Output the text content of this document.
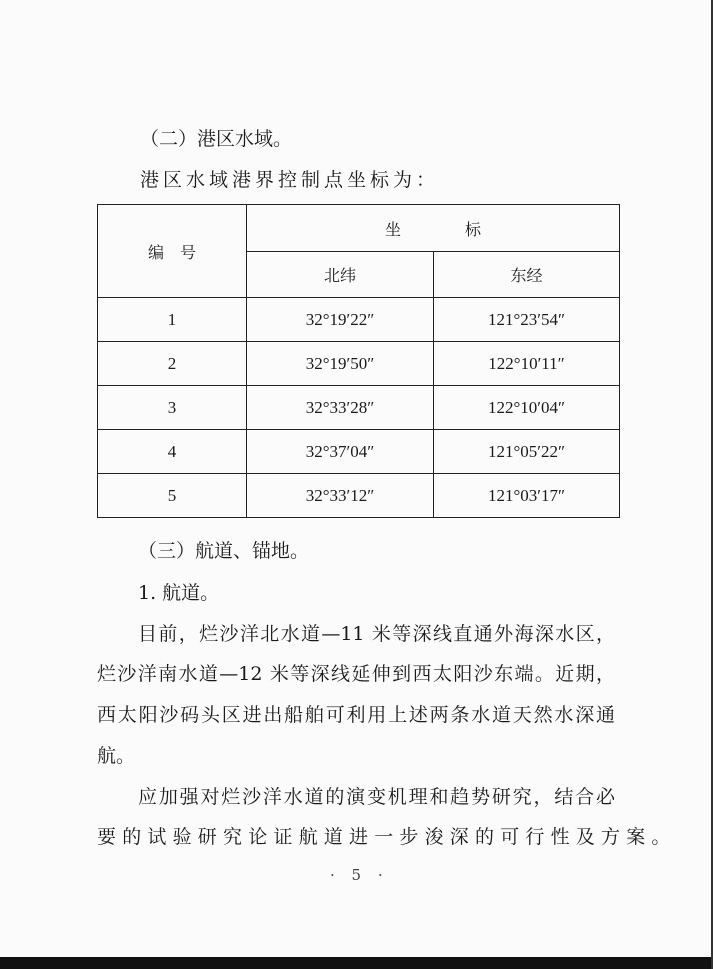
（二）港区水域。
港区水域港界控制点坐标为：
编　号	坐　　　　标	
	北纬	东经
1	32°19′22″	121°23′54″
2	32°19′50″	122°10′11″
3	32°33′28″	122°10′04″
4	32°37′04″	121°05′22″
5	32°33′12″	121°03′17″
（三）航道、锚地。
1. 航道。
目前，烂沙洋北水道—11 米等深线直通外海深水区，
烂沙洋南水道—12 米等深线延伸到西太阳沙东端。近期，
西太阳沙码头区进出船舶可利用上述两条水道天然水深通
航。
应加强对烂沙洋水道的演变机理和趋势研究，结合必
要的试验研究论证航道进一步浚深的可行性及方案。
· 5 ·
